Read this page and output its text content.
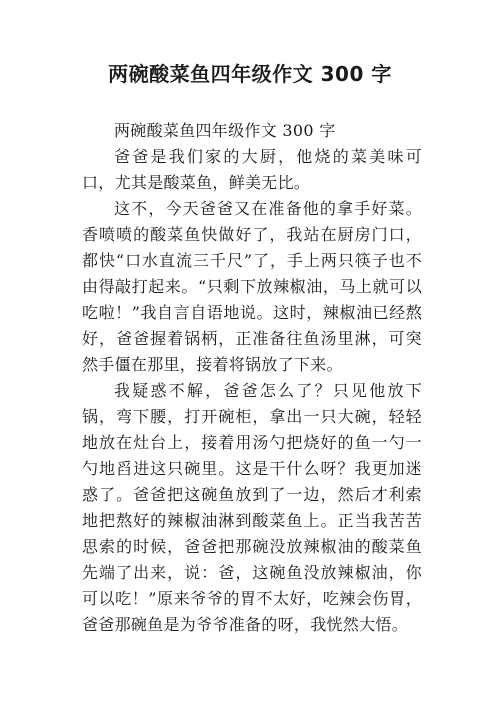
两碗酸菜鱼四年级作文 300 字

两碗酸菜鱼四年级作文 300 字

爸爸是我们家的大厨，他烧的菜美味可口，尤其是酸菜鱼，鲜美无比。

这不，今天爸爸又在准备他的拿手好菜。香喷喷的酸菜鱼快做好了，我站在厨房门口，都快“口水直流三千尺”了，手上两只筷子也不由得敲打起来。“只剩下放辣椒油，马上就可以吃啦！”我自言自语地说。这时，辣椒油已经熬好，爸爸握着锅柄，正准备往鱼汤里淋，可突然手僵在那里，接着将锅放了下来。

我疑惑不解，爸爸怎么了？只见他放下锅，弯下腰，打开碗柜，拿出一只大碗，轻轻地放在灶台上，接着用汤勺把烧好的鱼一勺一勺地舀进这只碗里。这是干什么呀？我更加迷惑了。爸爸把这碗鱼放到了一边，然后才利索地把熬好的辣椒油淋到酸菜鱼上。正当我苦苦思索的时候，爸爸把那碗没放辣椒油的酸菜鱼先端了出来，说：爸，这碗鱼没放辣椒油，你可以吃！”原来爷爷的胃不太好，吃辣会伤胃，爸爸那碗鱼是为爷爷准备的呀，我恍然大悟。
